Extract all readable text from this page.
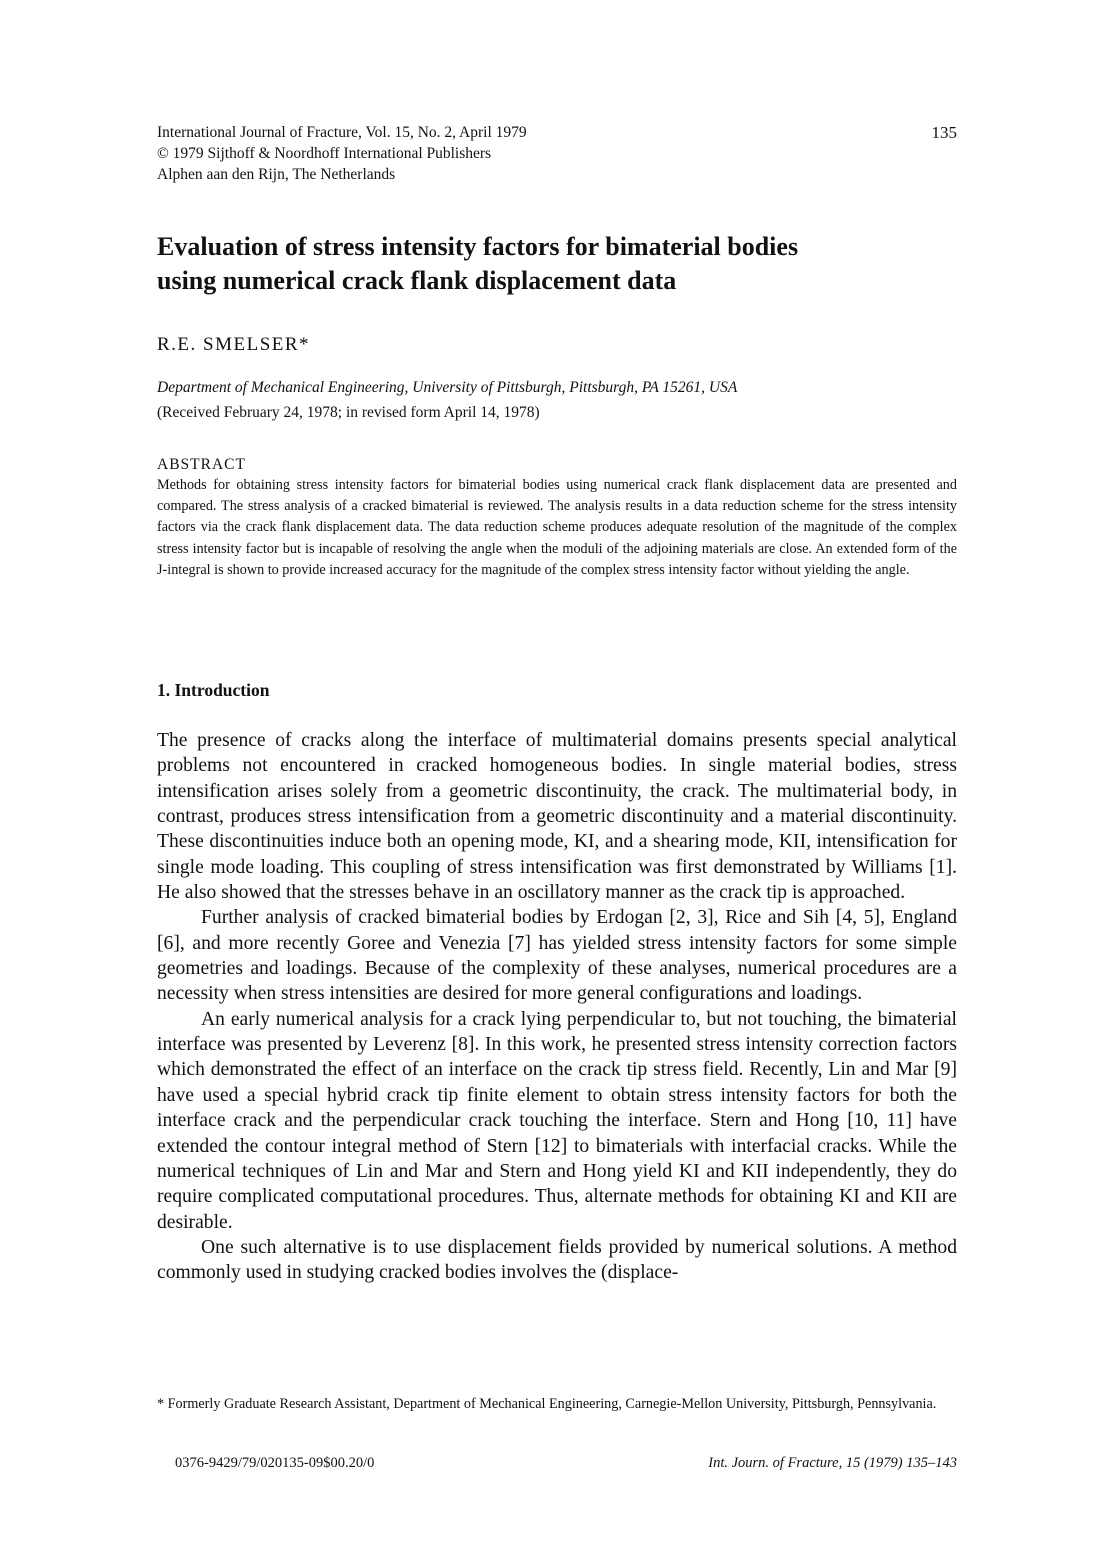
International Journal of Fracture, Vol. 15, No. 2, April 1979
© 1979 Sijthoff & Noordhoff International Publishers
Alphen aan den Rijn, The Netherlands
135
Evaluation of stress intensity factors for bimaterial bodies
using numerical crack flank displacement data
R.E. SMELSER*
Department of Mechanical Engineering, University of Pittsburgh, Pittsburgh, PA 15261, USA
(Received February 24, 1978; in revised form April 14, 1978)
ABSTRACT

Methods for obtaining stress intensity factors for bimaterial bodies using numerical crack flank displacement data are presented and compared. The stress analysis of a cracked bimaterial is reviewed. The analysis results in a data reduction scheme for the stress intensity factors via the crack flank displacement data. The data reduction scheme produces adequate resolution of the magnitude of the complex stress intensity factor but is incapable of resolving the angle when the moduli of the adjoining materials are close. An extended form of the J-integral is shown to provide increased accuracy for the magnitude of the complex stress intensity factor without yielding the angle.

1. Introduction

The presence of cracks along the interface of multimaterial domains presents special analytical problems not encountered in cracked homogeneous bodies. In single material bodies, stress intensification arises solely from a geometric discontinuity, the crack. The multimaterial body, in contrast, produces stress intensification from a geometric discontinuity and a material discontinuity. These discontinuities induce both an opening mode, KI, and a shearing mode, KII, intensification for single mode loading. This coupling of stress intensification was first demonstrated by Williams [1]. He also showed that the stresses behave in an oscillatory manner as the crack tip is approached.

Further analysis of cracked bimaterial bodies by Erdogan [2, 3], Rice and Sih [4, 5], England [6], and more recently Goree and Venezia [7] has yielded stress intensity factors for some simple geometries and loadings. Because of the complexity of these analyses, numerical procedures are a necessity when stress intensities are desired for more general configurations and loadings.

An early numerical analysis for a crack lying perpendicular to, but not touching, the bimaterial interface was presented by Leverenz [8]. In this work, he presented stress intensity correction factors which demonstrated the effect of an interface on the crack tip stress field. Recently, Lin and Mar [9] have used a special hybrid crack tip finite element to obtain stress intensity factors for both the interface crack and the perpendicular crack touching the interface. Stern and Hong [10, 11] have extended the contour integral method of Stern [12] to bimaterials with interfacial cracks. While the numerical techniques of Lin and Mar and Stern and Hong yield KI and KII independently, they do require complicated computational procedures. Thus, alternate methods for obtaining KI and KII are desirable.

One such alternative is to use displacement fields provided by numerical solutions. A method commonly used in studying cracked bodies involves the (displace-

* Formerly Graduate Research Assistant, Department of Mechanical Engineering, Carnegie-Mellon University, Pittsburgh, Pennsylvania.
0376-9429/79/020135-09$00.20/0	Int. Journ. of Fracture, 15 (1979) 135–143
